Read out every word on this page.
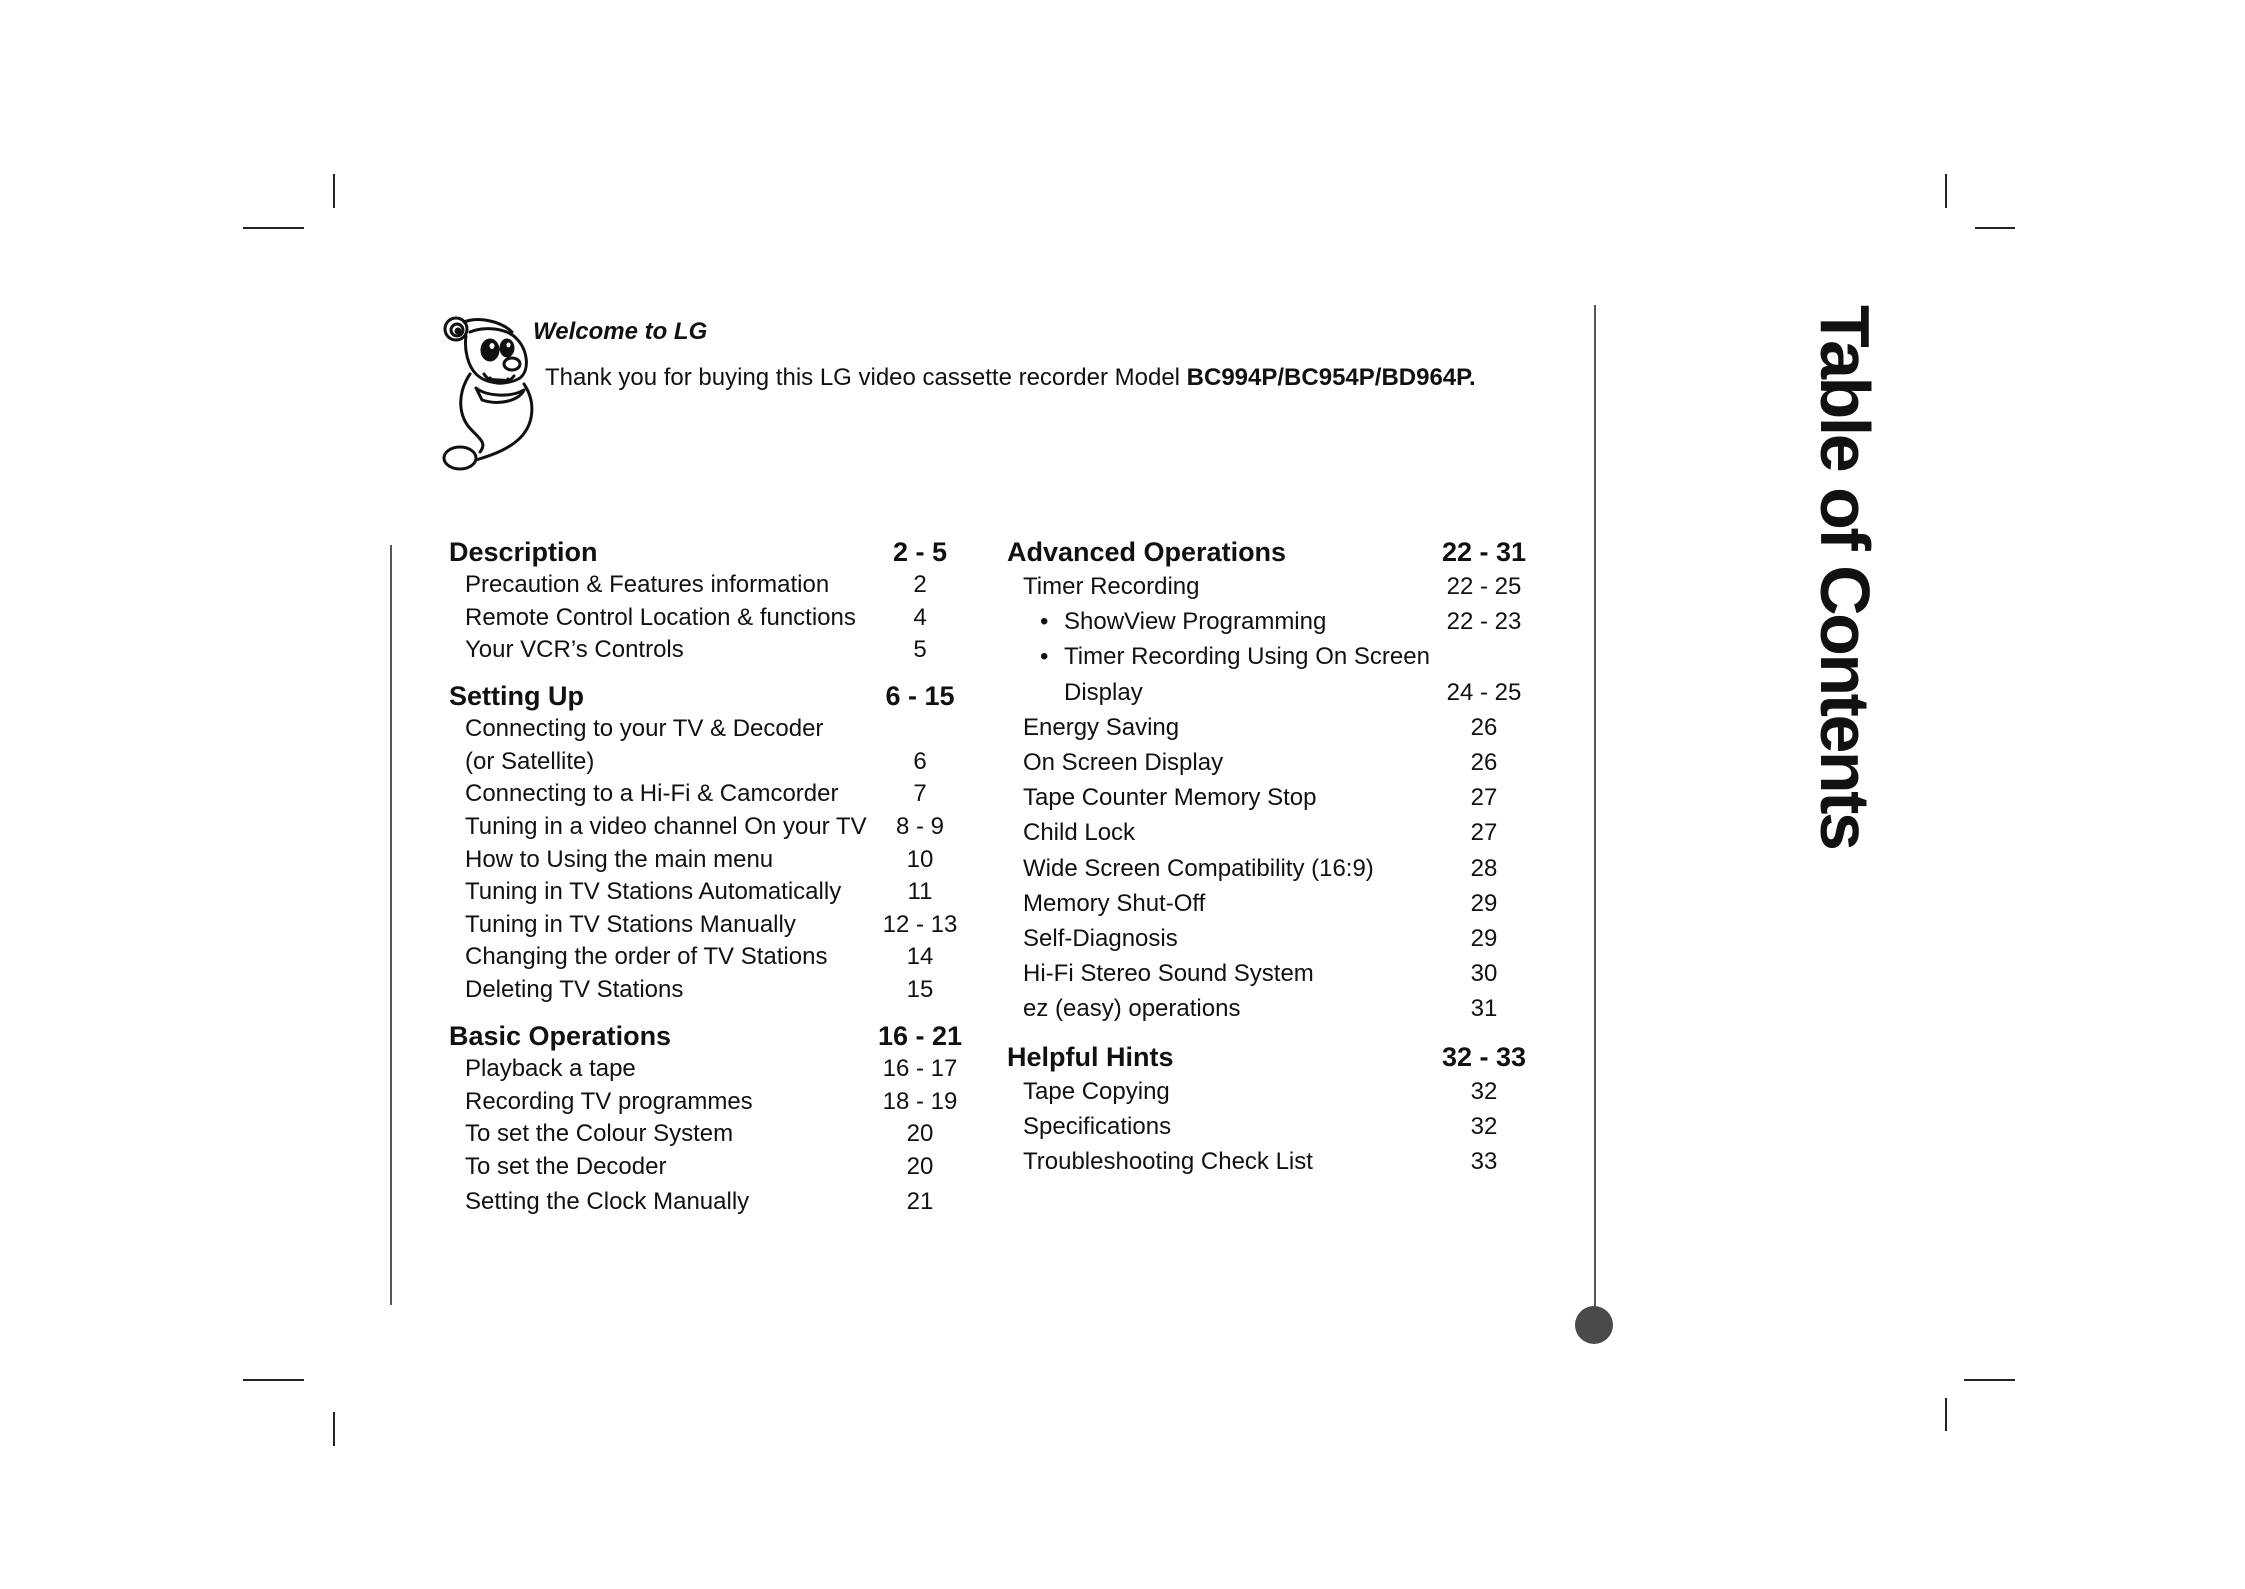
Table of Contents
Welcome to LG
Thank you for buying this LG video cassette recorder Model BC994P/BC954P/BD964P.
Description	2 - 5
Precaution & Features information	2
Remote Control Location & functions	4
Your VCR’s Controls	5
Setting Up	6 - 15
Connecting to your TV & Decoder
(or Satellite)	6
Connecting to a Hi-Fi & Camcorder	7
Tuning in a video channel On your TV	8 - 9
How to Using the main menu	10
Tuning in TV Stations Automatically	11
Tuning in TV Stations Manually	12 - 13
Changing the order of TV Stations	14
Deleting TV Stations	15
Basic Operations	16 - 21
Playback a tape	16 - 17
Recording TV programmes	18 - 19
To set the Colour System	20
To set the Decoder	20
Setting the Clock Manually	21
Advanced Operations	22 - 31
Timer Recording	22 - 25
• ShowView Programming	22 - 23
• Timer Recording Using On Screen
Display	24 - 25
Energy Saving	26
On Screen Display	26
Tape Counter Memory Stop	27
Child Lock	27
Wide Screen Compatibility (16:9)	28
Memory Shut-Off	29
Self-Diagnosis	29
Hi-Fi Stereo Sound System	30
ez (easy) operations	31
Helpful Hints	32 - 33
Tape Copying	32
Specifications	32
Troubleshooting Check List	33
